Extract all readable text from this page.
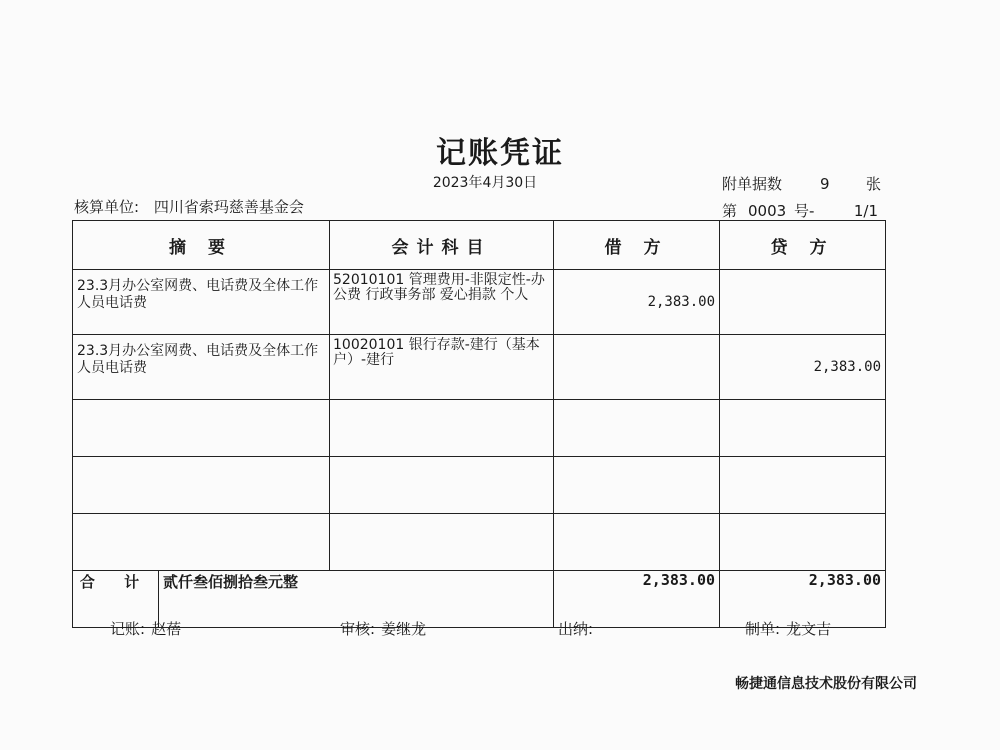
记账凭证
2023年4月30日
核算单位: 四川省索玛慈善基金会
附单据数	9 张
第 0003 号-	1/1
摘 要		会计科目	借 方	贷 方
23.3月办公室网费、电话费及全体工作人员电话费		52010101 管理费用-非限定性-办公费 行政事务部 爱心捐款 个人	2,383.00	
23.3月办公室网费、电话费及全体工作人员电话费		10020101 银行存款-建行（基本户）-建行		2,383.00

合 计	贰仟叁佰捌拾叁元整		2,383.00	2,383.00
记账: 赵蓓	审核: 姜继龙	出纳:	制单: 龙文吉
畅捷通信息技术股份有限公司
